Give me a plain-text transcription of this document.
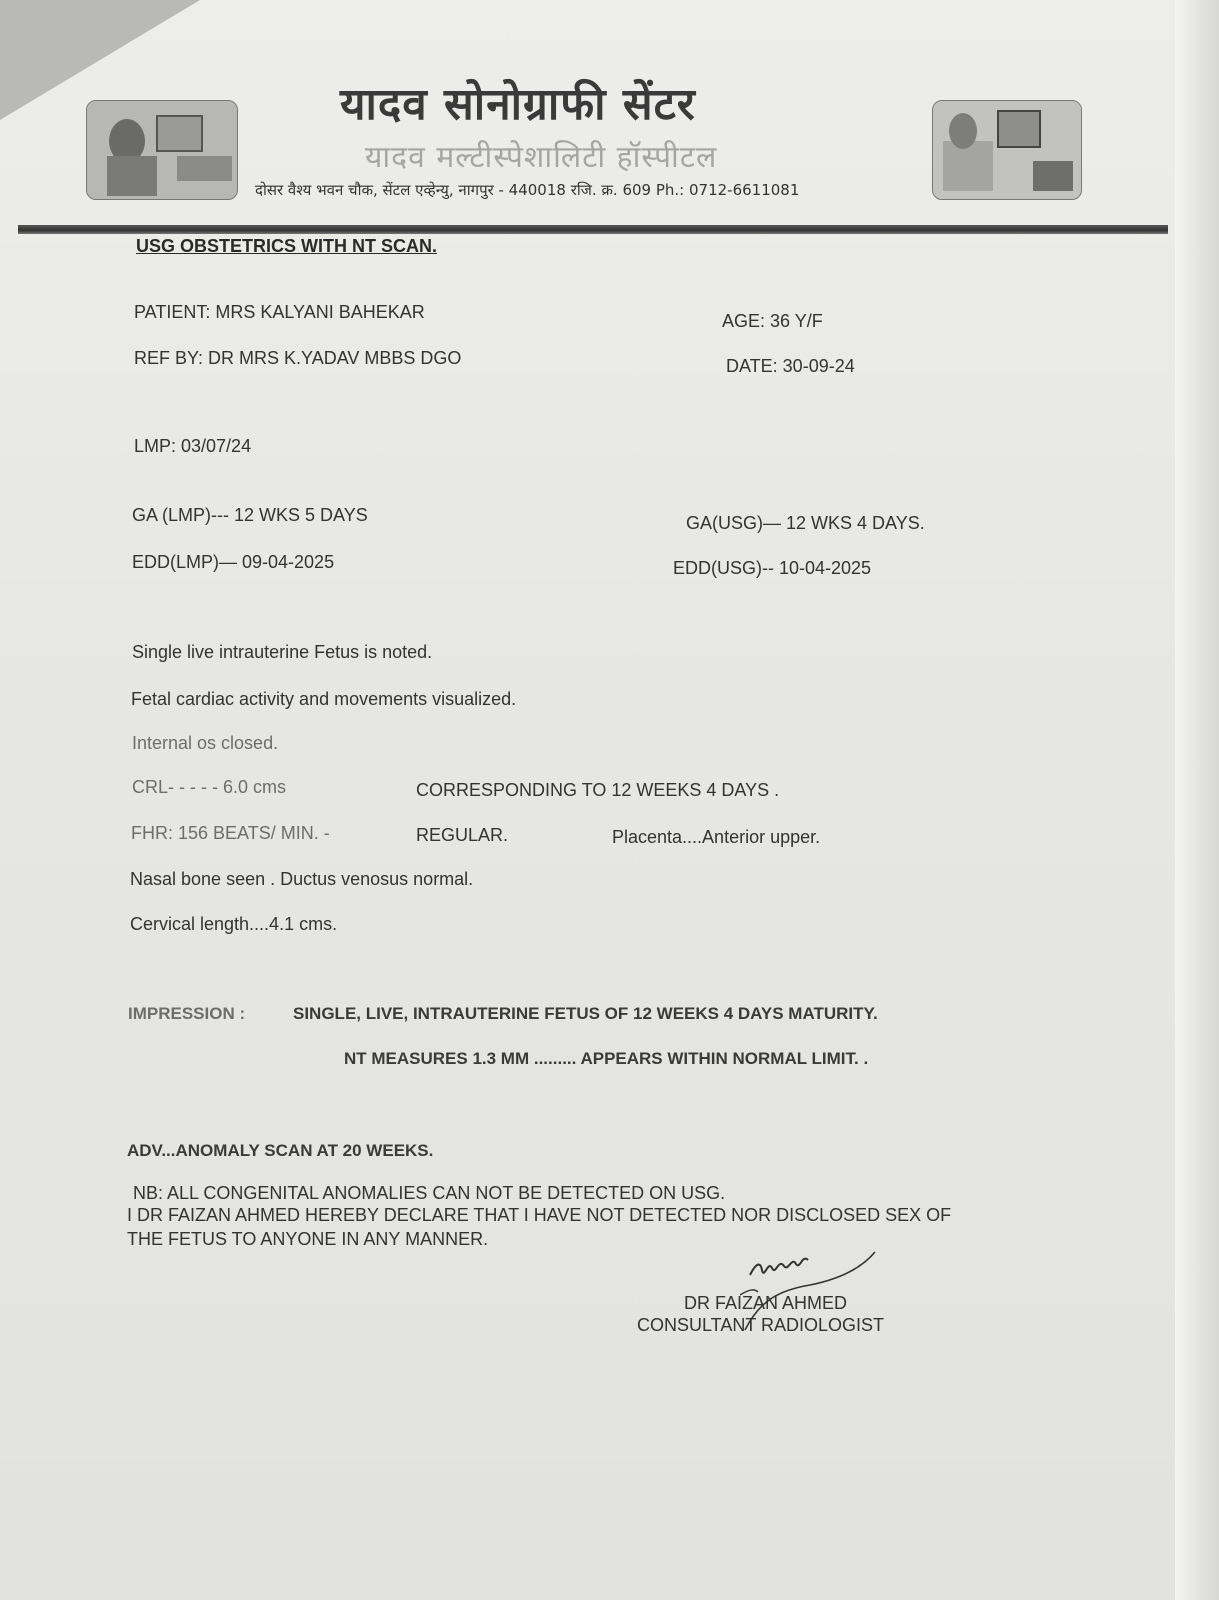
यादव सोनोग्राफी सेंटर
यादव मल्टीस्पेशालिटी हॉस्पीटल
दोसर वैश्य भवन चौक, सेंटल एव्हेन्यु, नागपुर - 440018 रजि. क्र. 609 Ph.: 0712-6611081
USG OBSTETRICS WITH NT SCAN.
PATIENT: MRS KALYANI BAHEKAR	AGE: 36 Y/F
REF BY: DR MRS K.YADAV MBBS DGO	DATE: 30-09-24
LMP: 03/07/24
GA (LMP)--- 12 WKS 5 DAYS	GA(USG)— 12 WKS 4 DAYS.
EDD(LMP)— 09-04-2025	EDD(USG)-- 10-04-2025
Single live intrauterine Fetus is noted.
Fetal cardiac activity and movements visualized.
Internal os closed.
CRL- - - - - 6.0 cms	CORRESPONDING TO 12 WEEKS 4 DAYS .
FHR: 156 BEATS/ MIN. -	REGULAR.	Placenta....Anterior upper.
Nasal bone seen . Ductus venosus normal.
Cervical length....4.1 cms.
IMPRESSION :	SINGLE, LIVE, INTRAUTERINE FETUS OF 12 WEEKS 4 DAYS MATURITY.
NT MEASURES 1.3 MM ......... APPEARS WITHIN NORMAL LIMIT. .
ADV...ANOMALY SCAN AT 20 WEEKS.
NB: ALL CONGENITAL ANOMALIES CAN NOT BE DETECTED ON USG.
I DR FAIZAN AHMED HEREBY DECLARE THAT I HAVE NOT DETECTED NOR DISCLOSED SEX OF
THE FETUS TO ANYONE IN ANY MANNER.
DR FAIZAN AHMED
CONSULTANT RADIOLOGIST
